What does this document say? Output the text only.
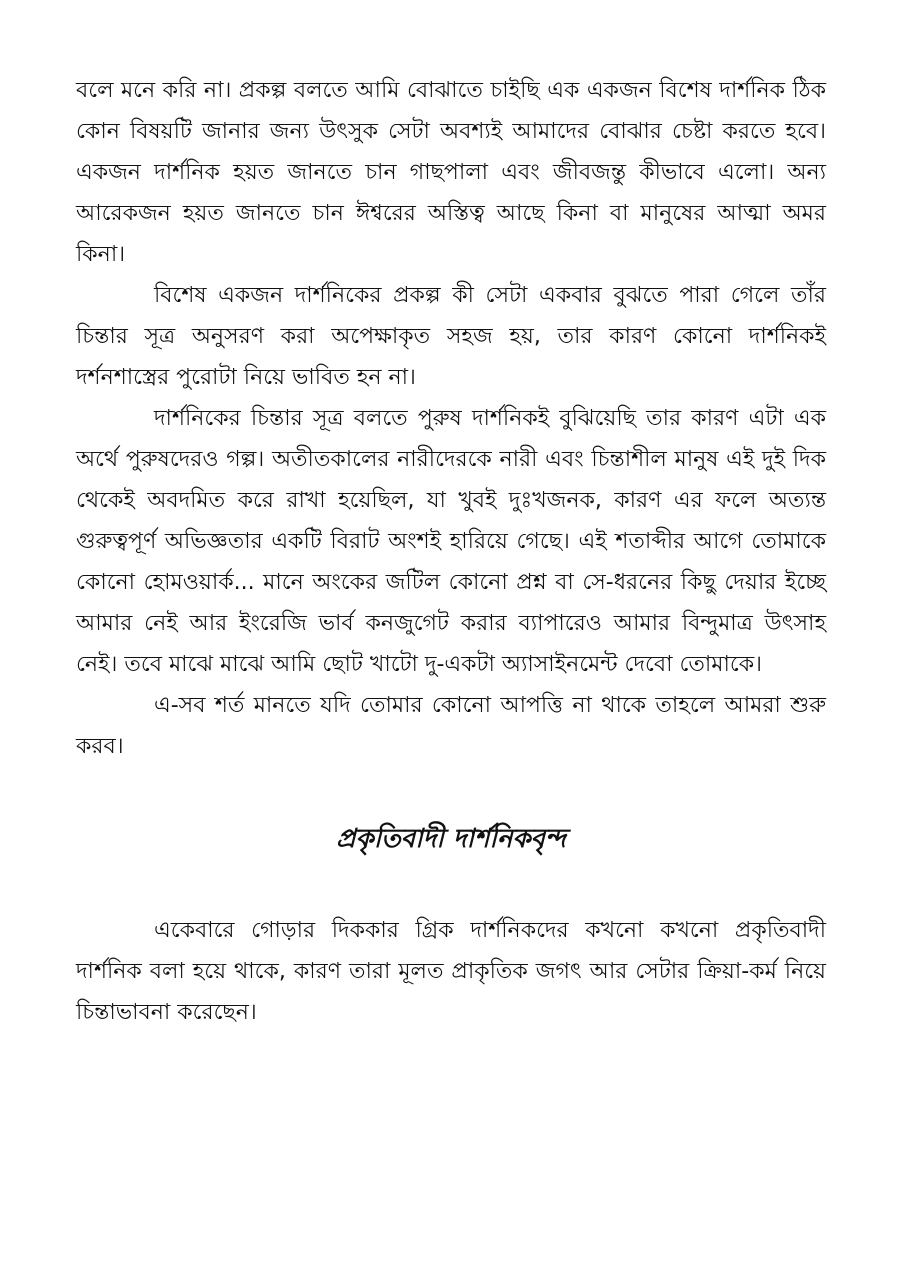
বলে মনে করি না। প্রকল্প বলতে আমি বোঝাতে চাইছি এক একজন বিশেষ দার্শনিক ঠিক কোন বিষয়টি জানার জন্য উৎসুক সেটা অবশ্যই আমাদের বোঝার চেষ্টা করতে হবে। একজন দার্শনিক হয়ত জানতে চান গাছপালা এবং জীবজন্তু কীভাবে এলো। অন্য আরেকজন হয়ত জানতে চান ঈশ্বরের অস্তিত্ব আছে কিনা বা মানুষের আত্মা অমর কিনা।

বিশেষ একজন দার্শনিকের প্রকল্প কী সেটা একবার বুঝতে পারা গেলে তাঁর চিন্তার সূত্র অনুসরণ করা অপেক্ষাকৃত সহজ হয়, তার কারণ কোনো দার্শনিকই দর্শনশাস্ত্রের পুরোটা নিয়ে ভাবিত হন না।

দার্শনিকের চিন্তার সূত্র বলতে পুরুষ দার্শনিকই বুঝিয়েছি তার কারণ এটা এক অর্থে পুরুষদেরও গল্প। অতীতকালের নারীদেরকে নারী এবং চিন্তাশীল মানুষ এই দুই দিক থেকেই অবদমিত করে রাখা হয়েছিল, যা খুবই দুঃখজনক, কারণ এর ফলে অত্যন্ত গুরুত্বপূর্ণ অভিজ্ঞতার একটি বিরাট অংশই হারিয়ে গেছে। এই শতাব্দীর আগে তোমাকে কোনো হোমওয়ার্ক... মানে অংকের জটিল কোনো প্রশ্ন বা সে-ধরনের কিছু দেয়ার ইচ্ছে আমার নেই আর ইংরেজি ভার্ব কনজুগেট করার ব্যাপারেও আমার বিন্দুমাত্র উৎসাহ নেই। তবে মাঝে মাঝে আমি ছোট খাটো দু-একটা অ্যাসাইনমেন্ট দেবো তোমাকে।

এ-সব শর্ত মানতে যদি তোমার কোনো আপত্তি না থাকে তাহলে আমরা শুরু করব।

প্রকৃতিবাদী দার্শনিকবৃন্দ

একেবারে গোড়ার দিককার গ্রিক দার্শনিকদের কখনো কখনো প্রকৃতিবাদী দার্শনিক বলা হয়ে থাকে, কারণ তারা মূলত প্রাকৃতিক জগৎ আর সেটার ক্রিয়া-কর্ম নিয়ে চিন্তাভাবনা করেছেন।
